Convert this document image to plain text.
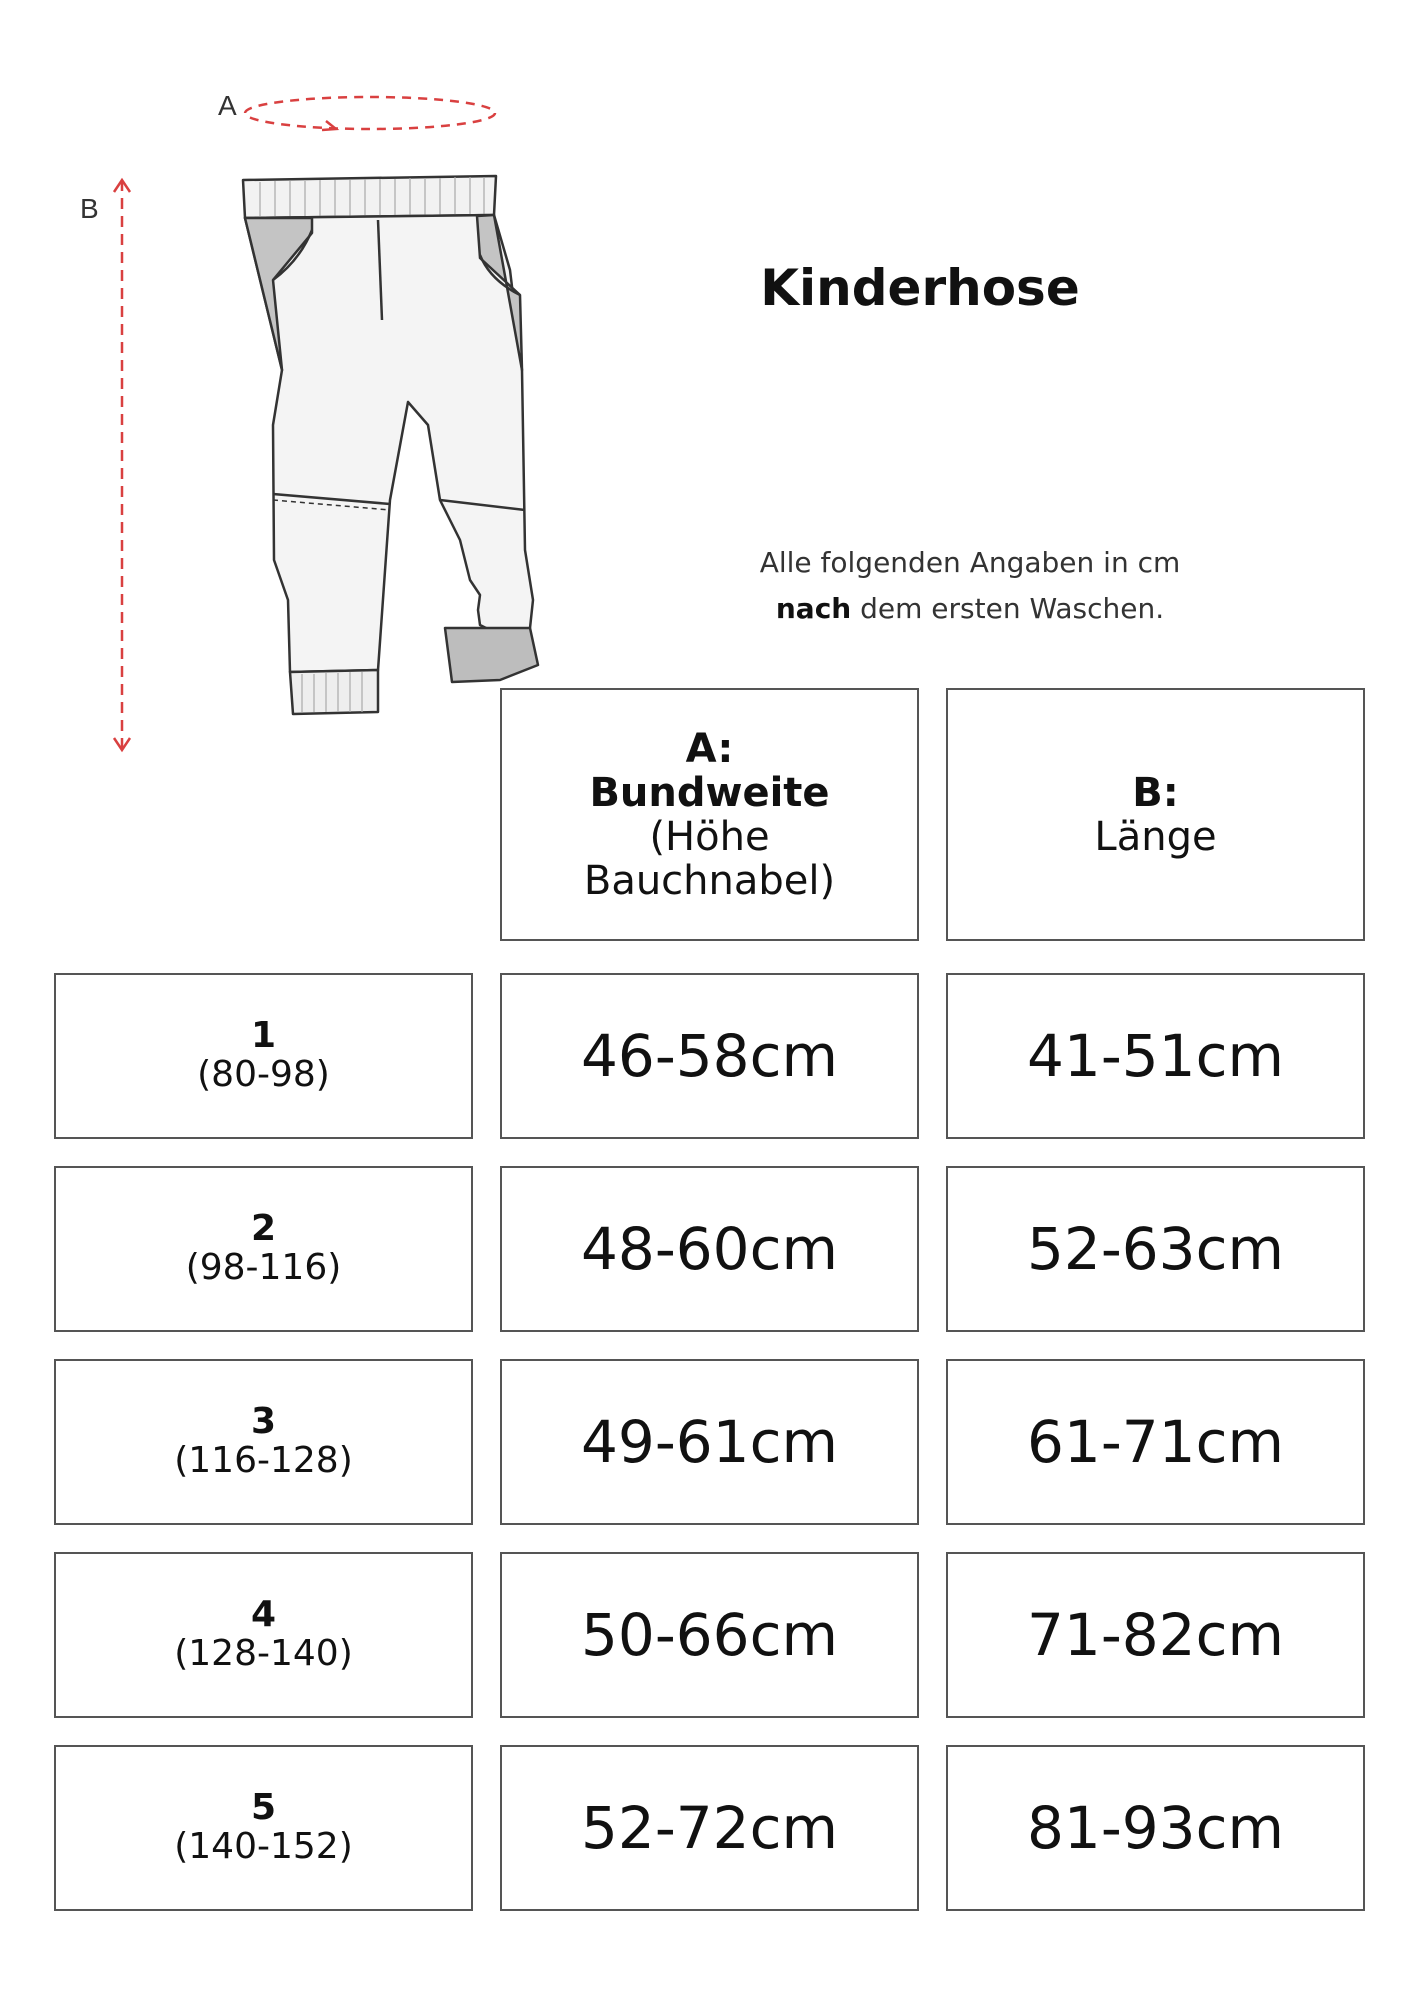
A
B
Kinderhose
Alle folgenden Angaben in cm
nach dem ersten Waschen.
A:
Bundweite
(Höhe Bauchnabel)
B:
Länge
1
(80-98)	46-58cm	41-51cm
2
(98-116)	48-60cm	52-63cm
3
(116-128)	49-61cm	61-71cm
4
(128-140)	50-66cm	71-82cm
5
(140-152)	52-72cm	81-93cm
